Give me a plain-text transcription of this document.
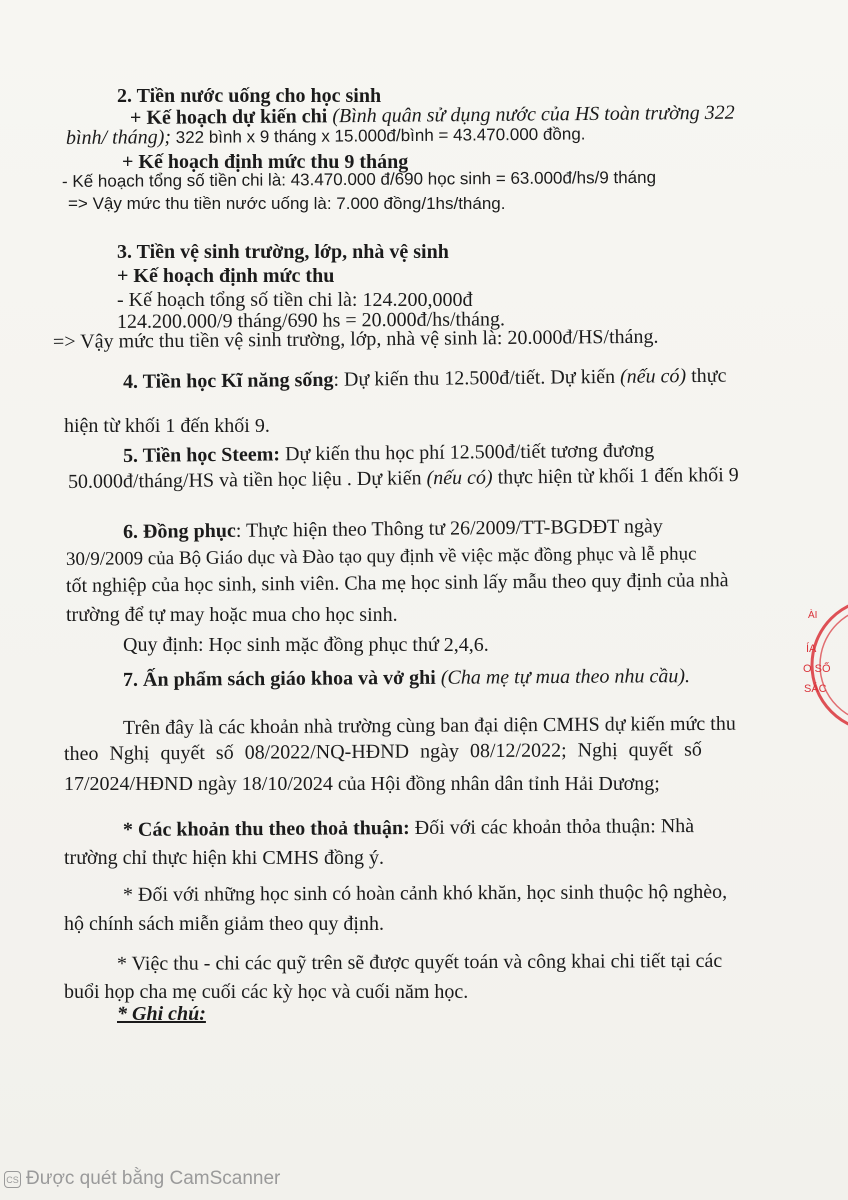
2. Tiền nước uống cho học sinh
+ Kế hoạch dự kiến chi (Bình quân sử dụng nước của HS toàn trường 322
bình/ tháng); 322 bình x 9 tháng x 15.000đ/bình = 43.470.000 đồng.
+ Kế hoạch định mức thu 9 tháng
- Kế hoạch tổng số tiền chi là: 43.470.000 đ/690 học sinh = 63.000đ/hs/9 tháng
=> Vậy mức thu tiền nước uống là: 7.000 đồng/1hs/tháng.
3. Tiền vệ sinh trường, lớp, nhà vệ sinh
+ Kế hoạch định mức thu
- Kế hoạch tổng số tiền chi là: 124.200,000đ
124.200.000/9 tháng/690 hs = 20.000đ/hs/tháng.
=> Vậy mức thu tiền vệ sinh trường, lớp, nhà vệ sinh là: 20.000đ/HS/tháng.
4. Tiền học Kĩ năng sống: Dự kiến thu 12.500đ/tiết. Dự kiến (nếu có) thực
hiện từ khối 1 đến khối 9.
5. Tiền học Steem: Dự kiến thu học phí 12.500đ/tiết tương đương
50.000đ/tháng/HS và tiền học liệu . Dự kiến (nếu có) thực hiện từ khối 1 đến khối 9
6. Đồng phục: Thực hiện theo Thông tư 26/2009/TT-BGDĐT ngày
30/9/2009 của Bộ Giáo dục và Đào tạo quy định về việc mặc đồng phục và lễ phục
tốt nghiệp của học sinh, sinh viên. Cha mẹ học sinh lấy mẫu theo quy định của nhà
trường để tự may hoặc mua cho học sinh.
Quy định: Học sinh mặc đồng phục thứ 2,4,6.
7. Ấn phẩm sách giáo khoa và vở ghi (Cha mẹ tự mua theo nhu cầu).
Trên đây là các khoản nhà trường cùng ban đại diện CMHS dự kiến mức thu
theo Nghị quyết số 08/2022/NQ-HĐND ngày 08/12/2022; Nghị quyết số
17/2024/HĐND ngày 18/10/2024 của Hội đồng nhân dân tỉnh Hải Dương;
* Các khoản thu theo thoả thuận: Đối với các khoản thỏa thuận: Nhà
trường chỉ thực hiện khi CMHS đồng ý.
* Đối với những học sinh có hoàn cảnh khó khăn, học sinh thuộc hộ nghèo,
hộ chính sách miễn giảm theo quy định.
* Việc thu - chi các quỹ trên sẽ được quyết toán và công khai chi tiết tại các
buổi họp cha mẹ cuối các kỳ học và cuối năm học.
* Ghi chú:
ÍA
O SỐ
SÁC
ÀI
CS Được quét bằng CamScanner
